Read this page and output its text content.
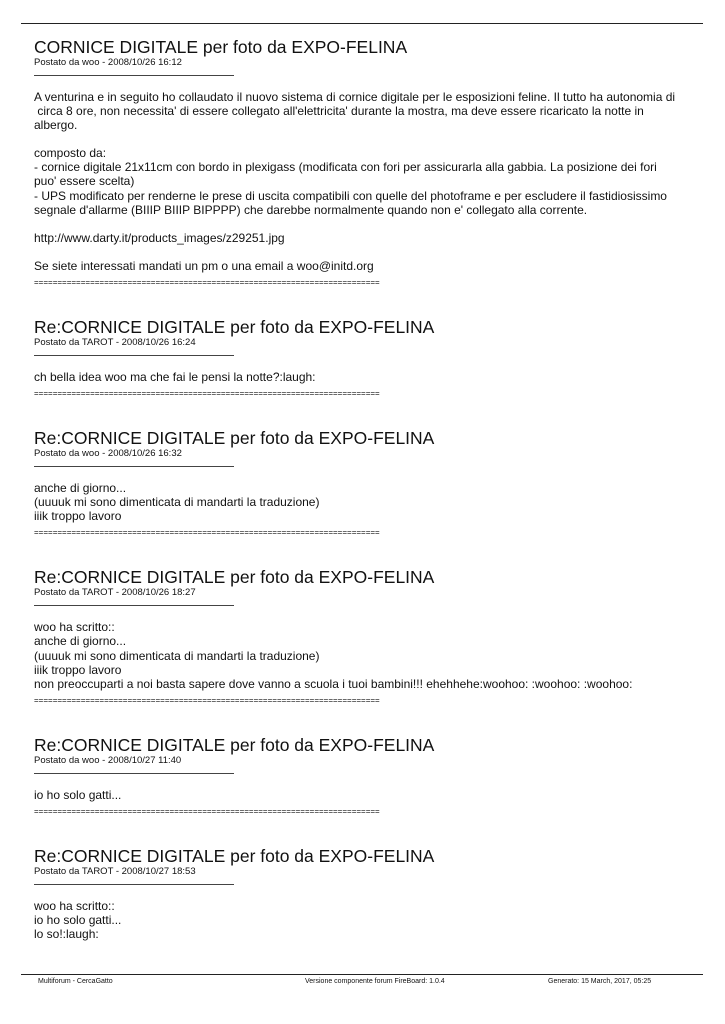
CORNICE DIGITALE per foto da EXPO-FELINA
Postato da woo - 2008/10/26 16:12

A venturina e in seguito ho collaudato il nuovo sistema di cornice digitale per le esposizioni feline. Il tutto ha autonomia di

circa 8 ore, non necessita' di essere collegato all'elettricita' durante la mostra, ma deve essere ricaricato la notte in

albergo.

composto da:

- cornice digitale 21x11cm con bordo in plexigass (modificata con fori per assicurarla alla gabbia. La posizione dei fori

puo' essere scelta)

- UPS modificato per renderne le prese di uscita compatibili con quelle del photoframe e per escludere il fastidiosissimo

segnale d'allarme (BIIIP BIIIP BIPPPP) che darebbe normalmente quando non e' collegato alla corrente.

http://www.darty.it/products_images/z29251.jpg

Se siete interessati mandati un pm o una email a woo@initd.org

==========================================================================
Re:CORNICE DIGITALE per foto da EXPO-FELINA
Postato da TAROT - 2008/10/26 16:24

ch bella idea woo ma che fai le pensi la notte?:laugh:

==========================================================================
Re:CORNICE DIGITALE per foto da EXPO-FELINA
Postato da woo - 2008/10/26 16:32

anche di giorno...

(uuuuk mi sono dimenticata di mandarti la traduzione)

iiik troppo lavoro

==========================================================================
Re:CORNICE DIGITALE per foto da EXPO-FELINA
Postato da TAROT - 2008/10/26 18:27

woo ha scritto::

anche di giorno...

(uuuuk mi sono dimenticata di mandarti la traduzione)

iiik troppo lavoro

non preoccuparti a noi basta sapere dove vanno a scuola i tuoi bambini!!! ehehhehe:woohoo: :woohoo: :woohoo:

==========================================================================
Re:CORNICE DIGITALE per foto da EXPO-FELINA
Postato da woo - 2008/10/27 11:40

io ho solo gatti...

==========================================================================
Re:CORNICE DIGITALE per foto da EXPO-FELINA
Postato da TAROT - 2008/10/27 18:53

woo ha scritto::

io ho solo gatti...

lo so!:laugh:

Multiforum - CercaGatto	Versione componente forum FireBoard: 1.0.4	Generato: 15 March, 2017, 05:25
